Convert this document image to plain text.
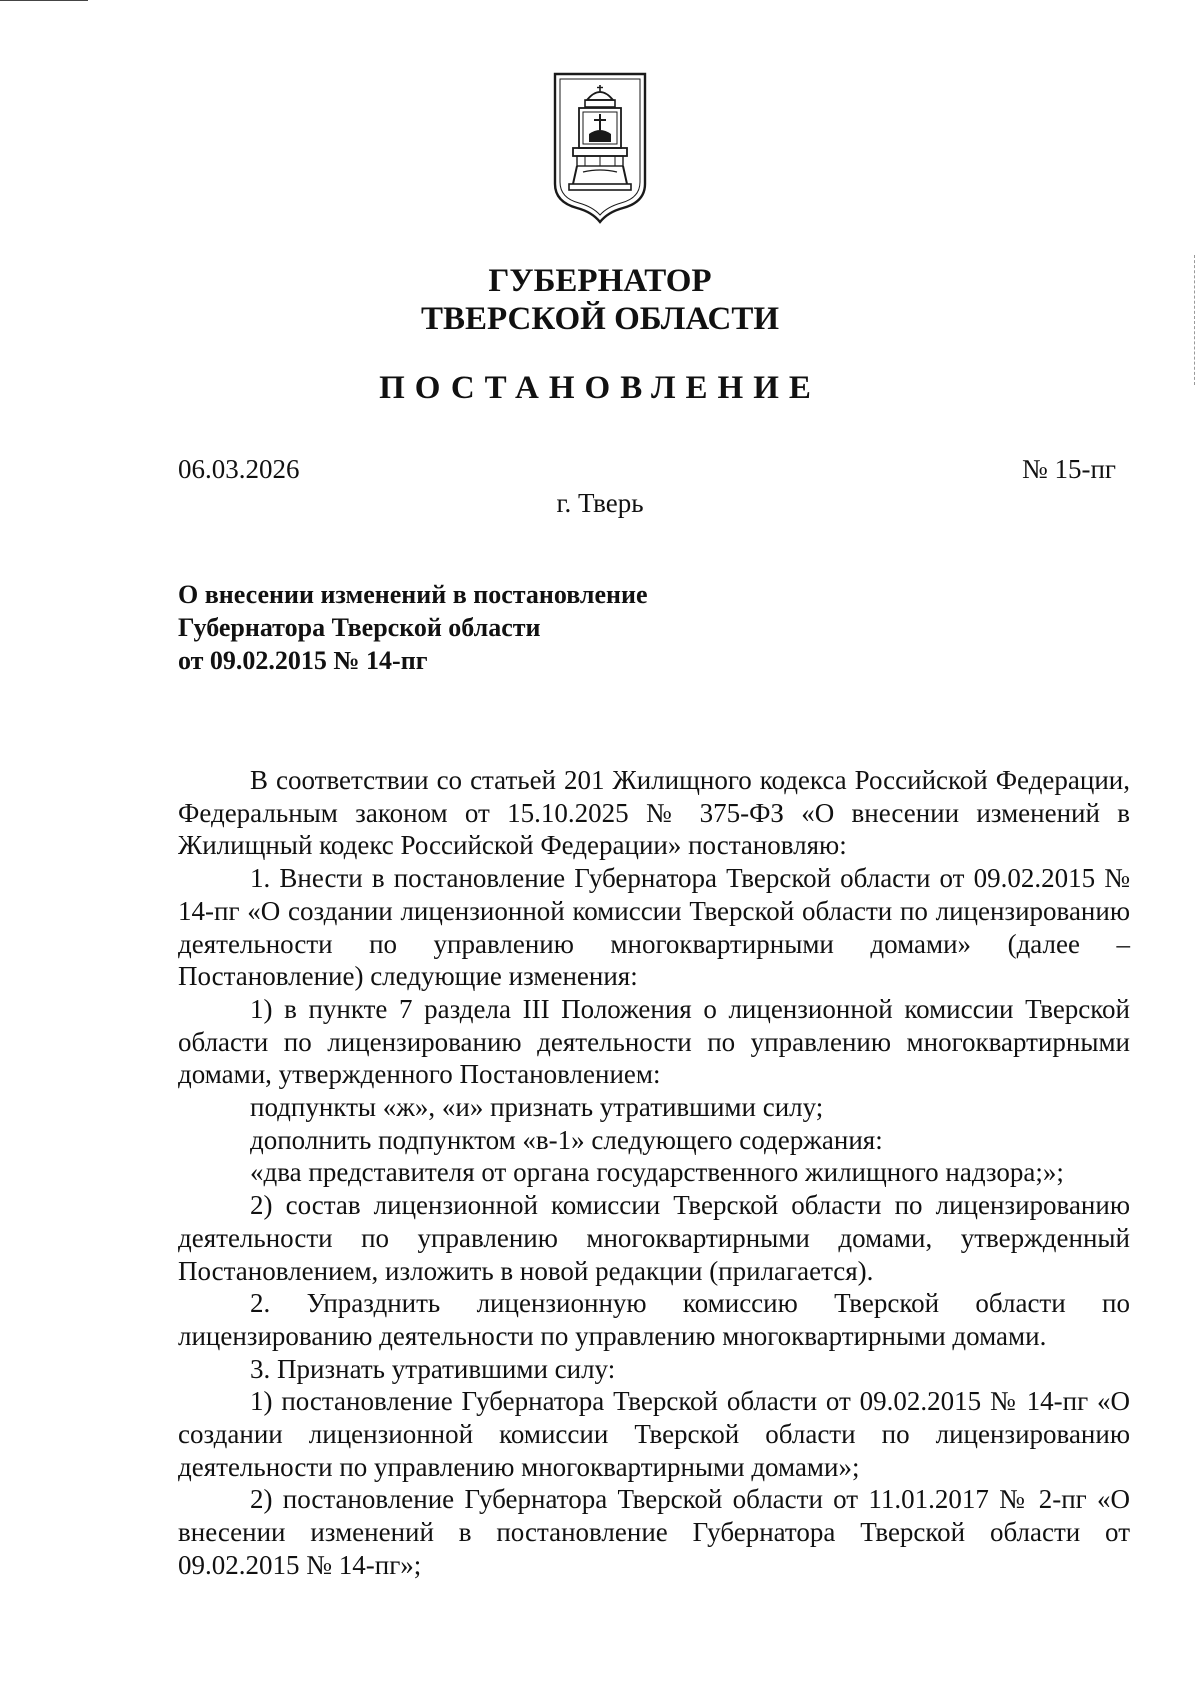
ГУБЕРНАТОР
ТВЕРСКОЙ ОБЛАСТИ
ПОСТАНОВЛЕНИЕ
06.03.2026	№ 15-пг
г. Тверь
О внесении изменений в постановление
Губернатора Тверской области
от 09.02.2015 № 14-пг

В соответствии со статьей 201 Жилищного кодекса Российской Федерации, Федеральным законом от 15.10.2025 № 375-ФЗ «О внесении изменений в Жилищный кодекс Российской Федерации» постановляю:

1. Внести в постановление Губернатора Тверской области от 09.02.2015 № 14-пг «О создании лицензионной комиссии Тверской области по лицензированию деятельности по управлению многоквартирными домами» (далее – Постановление) следующие изменения:

1) в пункте 7 раздела III Положения о лицензионной комиссии Тверской области по лицензированию деятельности по управлению многоквартирными домами, утвержденного Постановлением:

подпункты «ж», «и» признать утратившими силу;

дополнить подпунктом «в-1» следующего содержания:

«два представителя от органа государственного жилищного надзора;»;

2) состав лицензионной комиссии Тверской области по лицензированию деятельности по управлению многоквартирными домами, утвержденный Постановлением, изложить в новой редакции (прилагается).

2. Упразднить лицензионную комиссию Тверской области по лицензированию деятельности по управлению многоквартирными домами.

3. Признать утратившими силу:

1) постановление Губернатора Тверской области от 09.02.2015 № 14-пг «О создании лицензионной комиссии Тверской области по лицензированию деятельности по управлению многоквартирными домами»;

2) постановление Губернатора Тверской области от 11.01.2017 № 2-пг «О внесении изменений в постановление Губернатора Тверской области от 09.02.2015 № 14-пг»;
